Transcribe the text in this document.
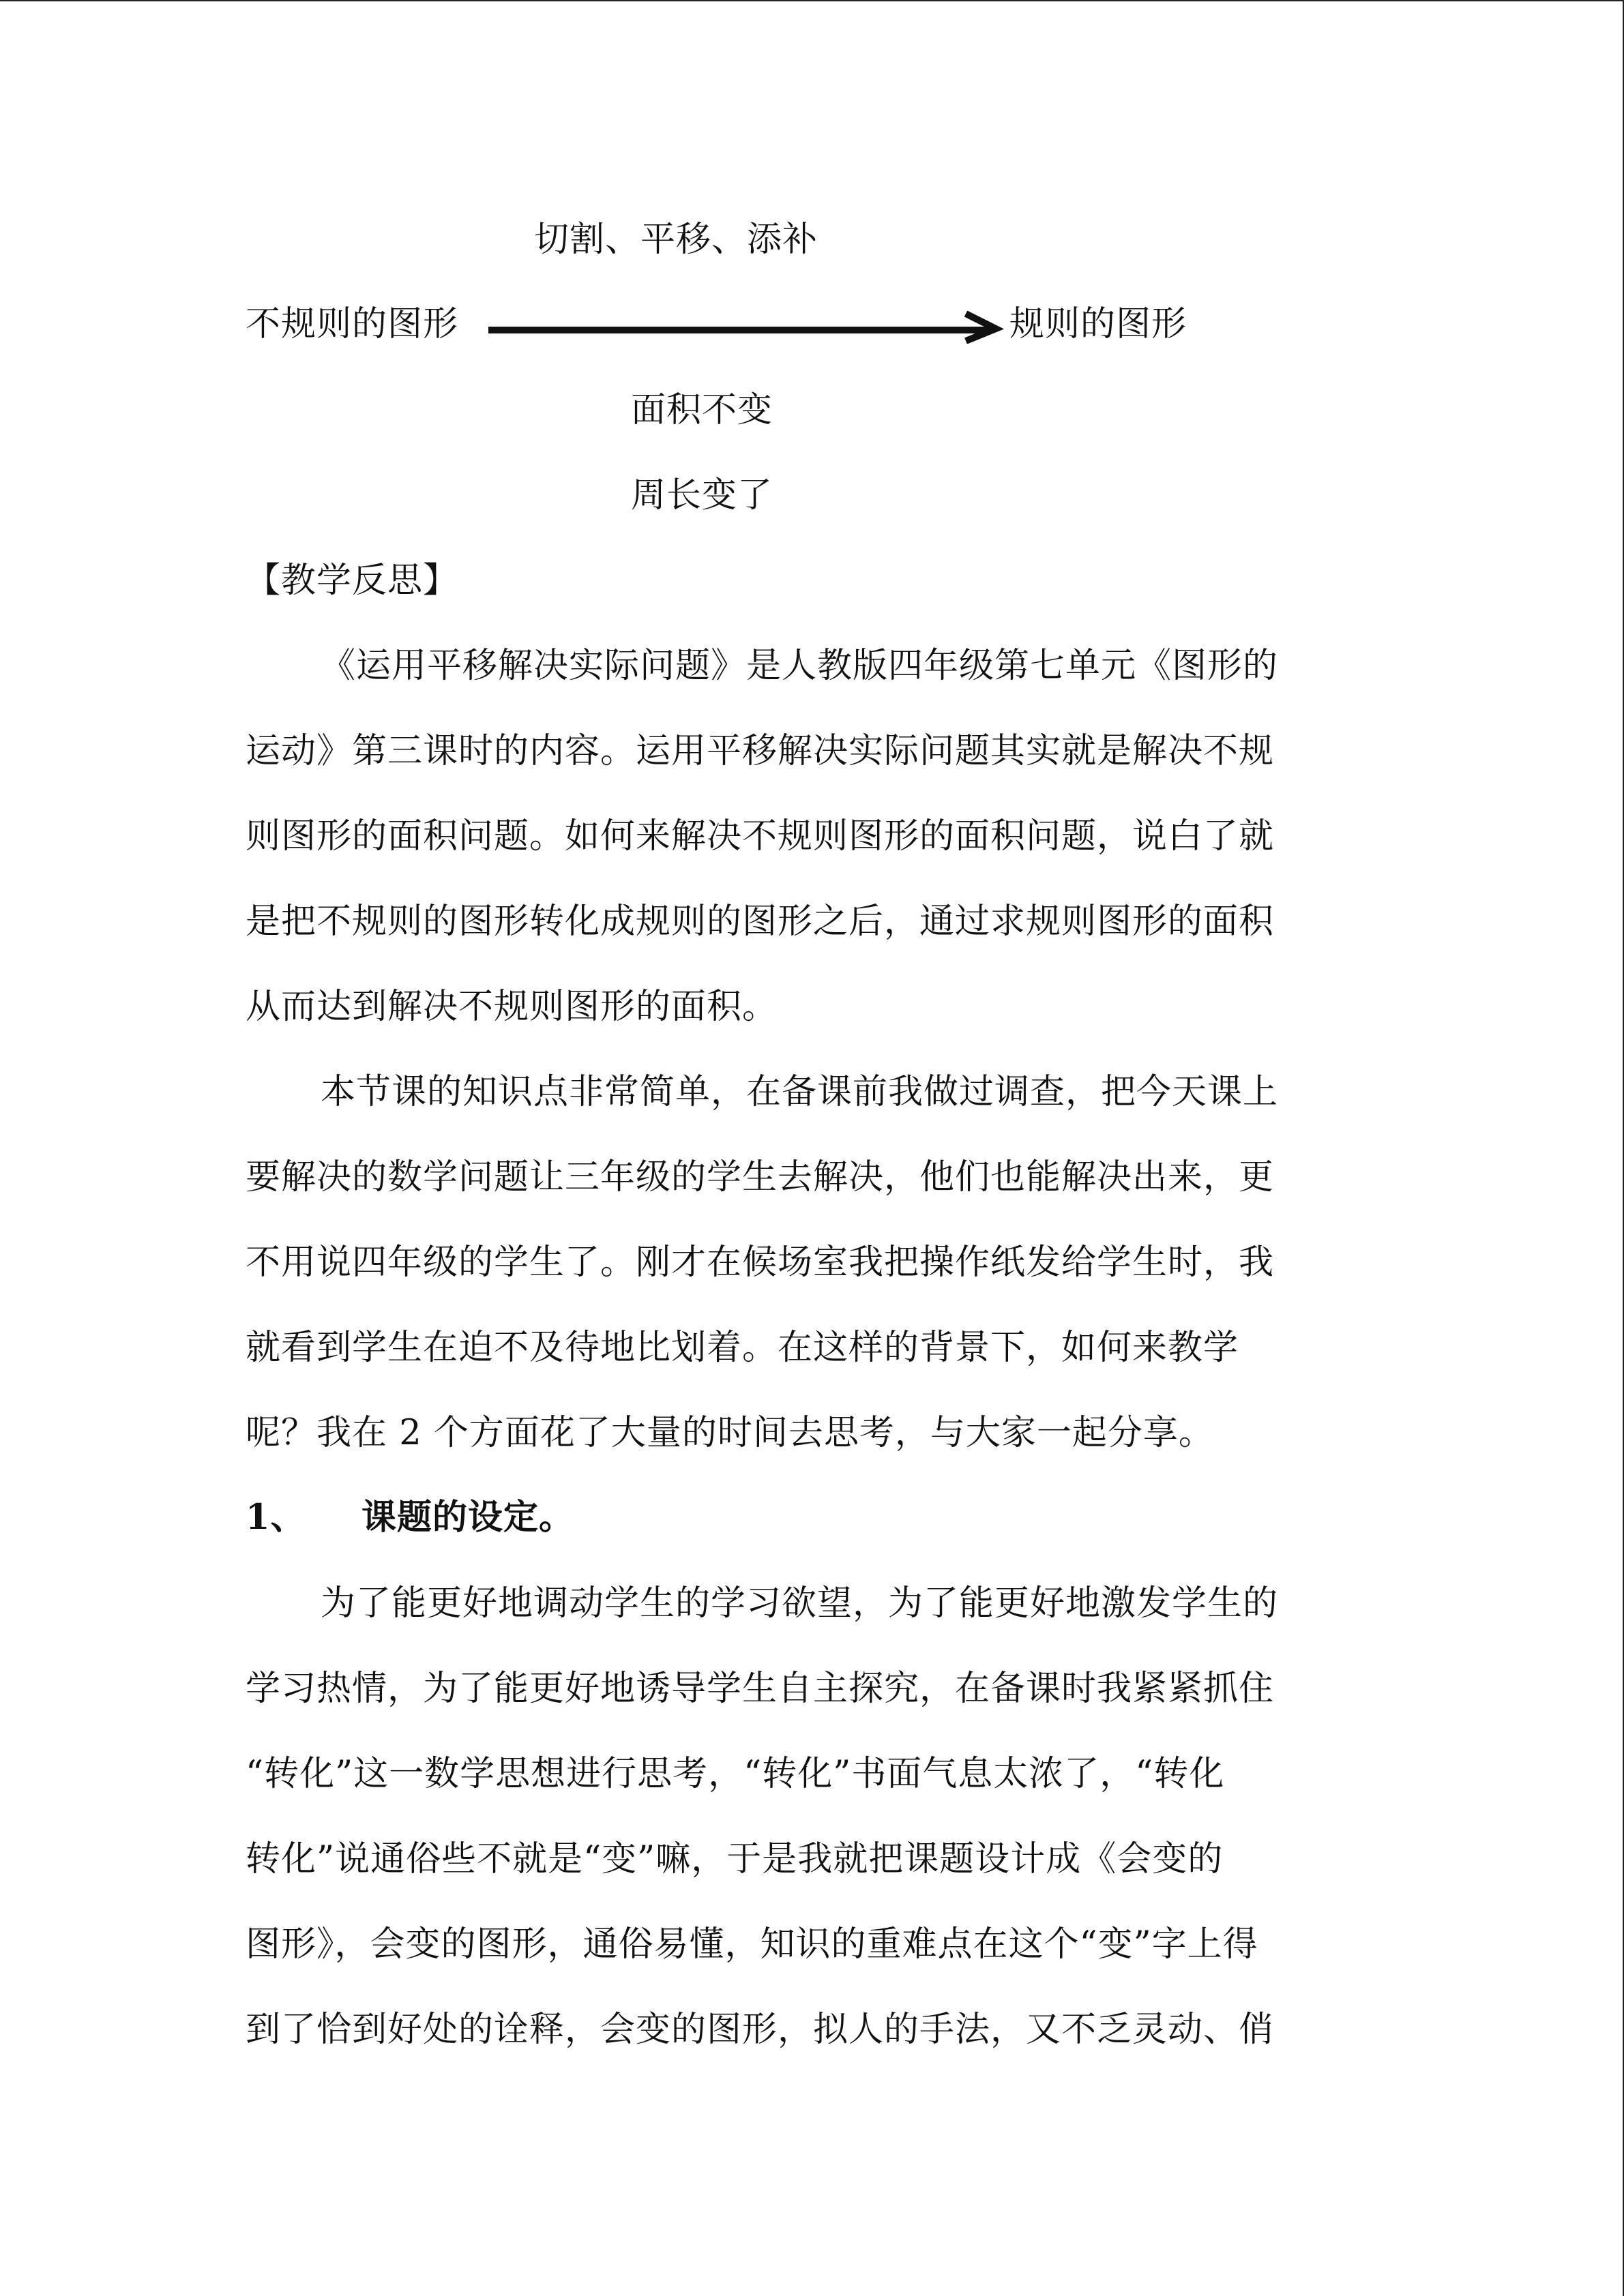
切割、平移、添补
不规则的图形	规则的图形
面积不变
周长变了
【教学反思】
《运用平移解决实际问题》是人教版四年级第七单元《图形的
运动》第三课时的内容。运用平移解决实际问题其实就是解决不规
则图形的面积问题。如何来解决不规则图形的面积问题，说白了就
是把不规则的图形转化成规则的图形之后，通过求规则图形的面积
从而达到解决不规则图形的面积。
本节课的知识点非常简单，在备课前我做过调查，把今天课上
要解决的数学问题让三年级的学生去解决，他们也能解决出来，更
不用说四年级的学生了。刚才在候场室我把操作纸发给学生时，我
就看到学生在迫不及待地比划着。在这样的背景下，如何来教学
呢？我在 2 个方面花了大量的时间去思考，与大家一起分享。
1、 课题的设定。
为了能更好地调动学生的学习欲望，为了能更好地激发学生的
学习热情，为了能更好地诱导学生自主探究，在备课时我紧紧抓住
“转化”这一数学思想进行思考，“转化”书面气息太浓了，“转化
转化”说通俗些不就是“变”嘛，于是我就把课题设计成《会变的
图形》，会变的图形，通俗易懂，知识的重难点在这个“变”字上得
到了恰到好处的诠释，会变的图形，拟人的手法，又不乏灵动、俏
